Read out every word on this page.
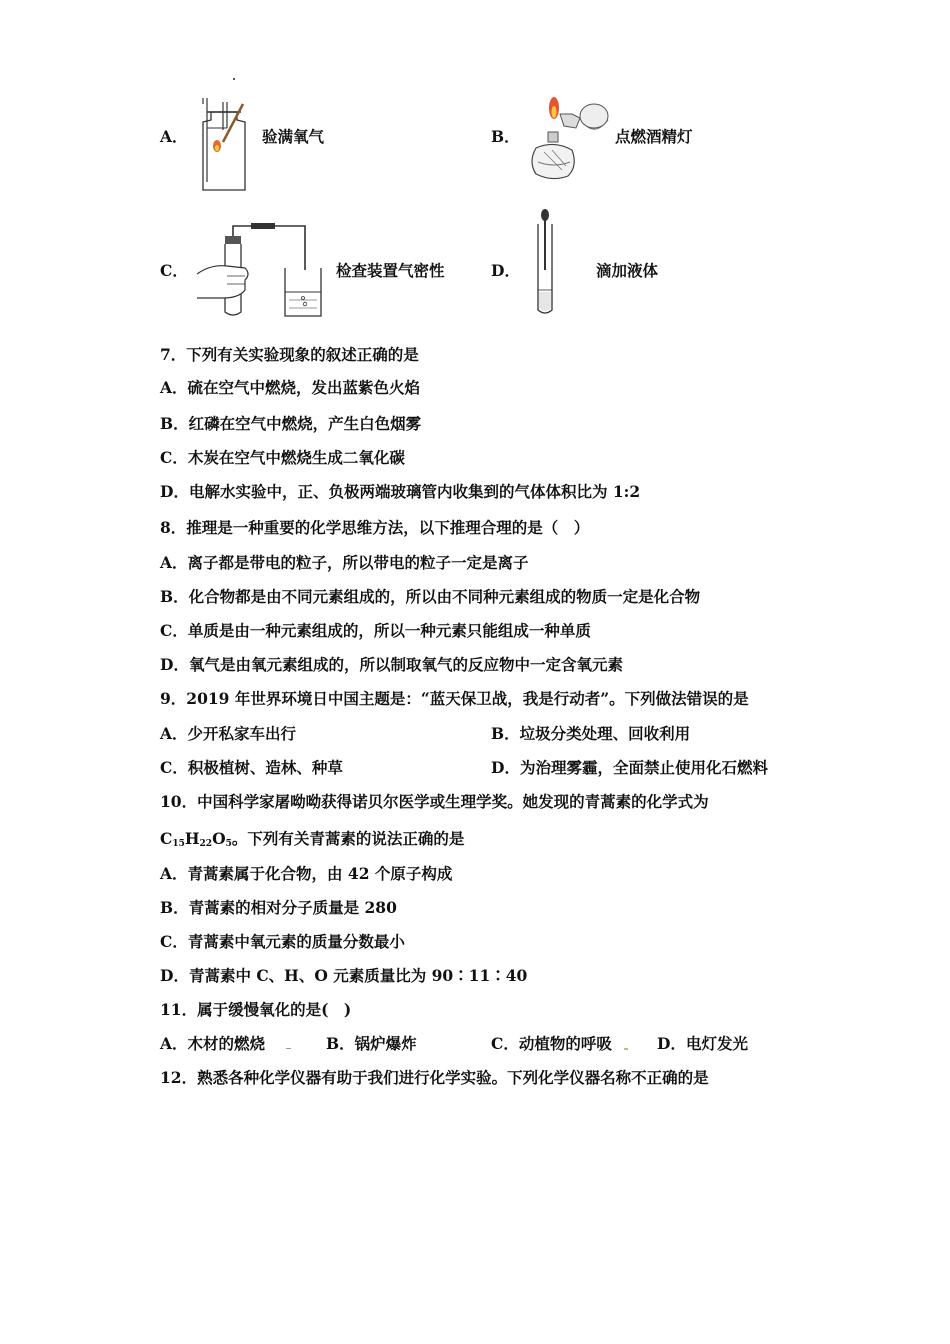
A．	验满氧气	B．	点燃酒精灯
C．	检查装置气密性	D．	滴加液体
7．下列有关实验现象的叙述正确的是
A．硫在空气中燃烧，发出蓝紫色火焰
B．红磷在空气中燃烧，产生白色烟雾
C．木炭在空气中燃烧生成二氧化碳
D．电解水实验中，正、负极两端玻璃管内收集到的气体体积比为 1:2
8．推理是一种重要的化学思维方法，以下推理合理的是（　）
A．离子都是带电的粒子，所以带电的粒子一定是离子
B．化合物都是由不同元素组成的，所以由不同种元素组成的物质一定是化合物
C．单质是由一种元素组成的，所以一种元素只能组成一种单质
D．氧气是由氧元素组成的，所以制取氧气的反应物中一定含氧元素
9．2019 年世界环境日中国主题是：“蓝天保卫战，我是行动者”。下列做法错误的是
A．少开私家车出行	B．垃圾分类处理、回收利用
C．积极植树、造林、种草	D．为治理雾霾，全面禁止使用化石燃料
10．中国科学家屠呦呦获得诺贝尔医学或生理学奖。她发现的青蒿素的化学式为
$C_{15}H_{22}O_5$。下列有关青蒿素的说法正确的是
A．青蒿素属于化合物，由 42 个原子构成
B．青蒿素的相对分子质量是 280
C．青蒿素中氧元素的质量分数最小
D．青蒿素中 C、H、O 元素质量比为 90∶11∶40
11．属于缓慢氧化的是(　)
A．木材的燃烧	B．锅炉爆炸	C．动植物的呼吸	D．电灯发光
12．熟悉各种化学仪器有助于我们进行化学实验。下列化学仪器名称不正确的是
